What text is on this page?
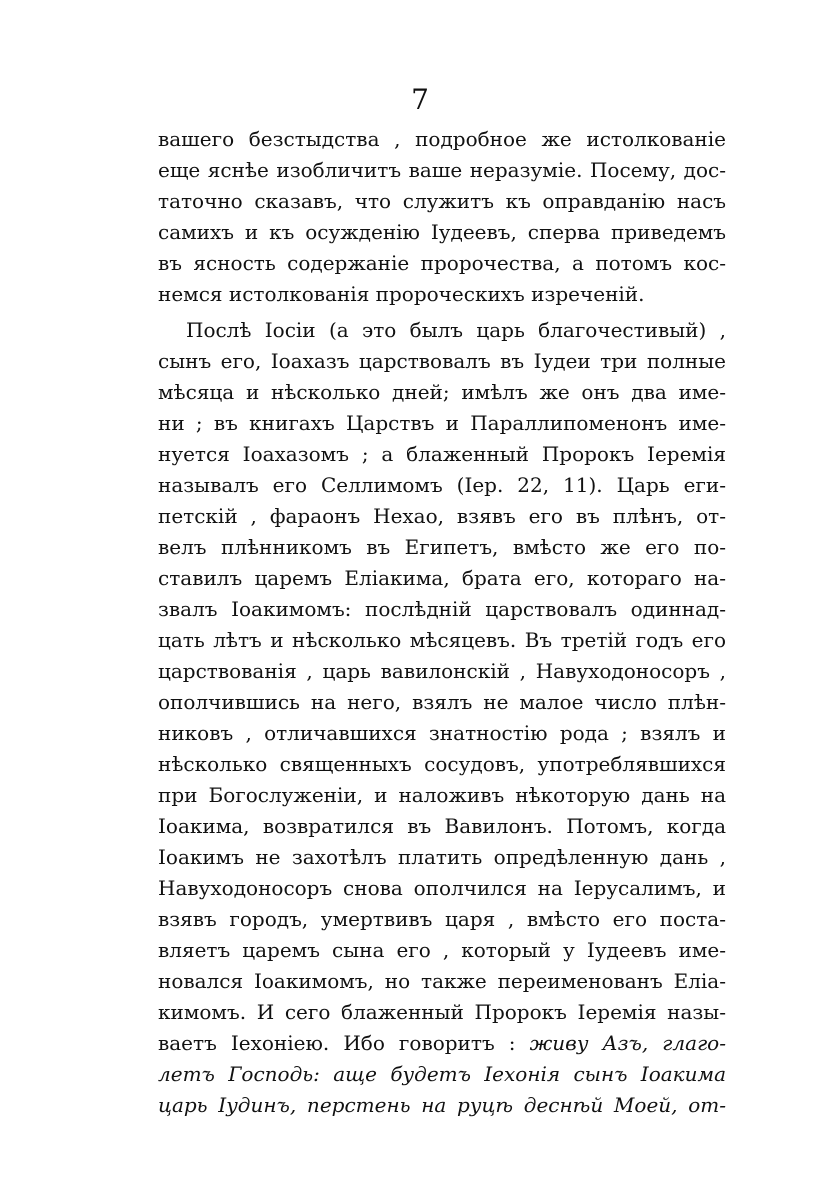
7
вашего безстыдства , подробное же истолкованіе
еще яснѣе изобличитъ ваше неразуміе. Посему, дос-
таточно сказавъ, что служитъ къ оправданію насъ
самихъ и къ осужденію Іудеевъ, сперва приведемъ
въ ясность содержаніе пророчества, а потомъ кос-
немся истолкованія пророческихъ изреченій.
Послѣ Іосіи (а это былъ царь благочестивый) ,
сынъ его, Іоахазъ царствовалъ въ Іудеи три полные
мѣсяца и нѣсколько дней; имѣлъ же онъ два име-
ни ; въ книгахъ Царствъ и Параллипоменонъ име-
нуется Іоахазомъ ; а блаженный Пророкъ Іеремія
называлъ его Селлимомъ (Іер. 22, 11). Царь еги-
петскій , фараонъ Нехао, взявъ его въ плѣнъ, от-
велъ плѣнникомъ въ Египетъ, вмѣсто же его по-
ставилъ царемъ Еліакима, брата его, котораго на-
звалъ Іоакимомъ: послѣдній царствовалъ одиннад-
цать лѣтъ и нѣсколько мѣсяцевъ. Въ третій годъ его
царствованія , царь вавилонскій , Навуходоносоръ ,
ополчившись на него, взялъ не малое число плѣн-
никовъ , отличавшихся знатностію рода ; взялъ и
нѣсколько священныхъ сосудовъ, употреблявшихся
при Богослуженіи, и наложивъ нѣкоторую дань на
Іоакима, возвратился въ Вавилонъ. Потомъ, когда
Іоакимъ не захотѣлъ платить опредѣленную дань ,
Навуходоносоръ снова ополчился на Іерусалимъ, и
взявъ городъ, умертвивъ царя , вмѣсто его поста-
вляетъ царемъ сына его , который у Іудеевъ име-
новался Іоакимомъ, но также переименованъ Еліа-
кимомъ. И сего блаженный Пророкъ Іеремія назы-
ваетъ Іехоніею. Ибо говоритъ : живу Азъ, глаго-
летъ Господь: аще будетъ Іехонія сынъ Іоакима
царь Іудинъ, перстень на руцѣ деснѣй Моей, от-
